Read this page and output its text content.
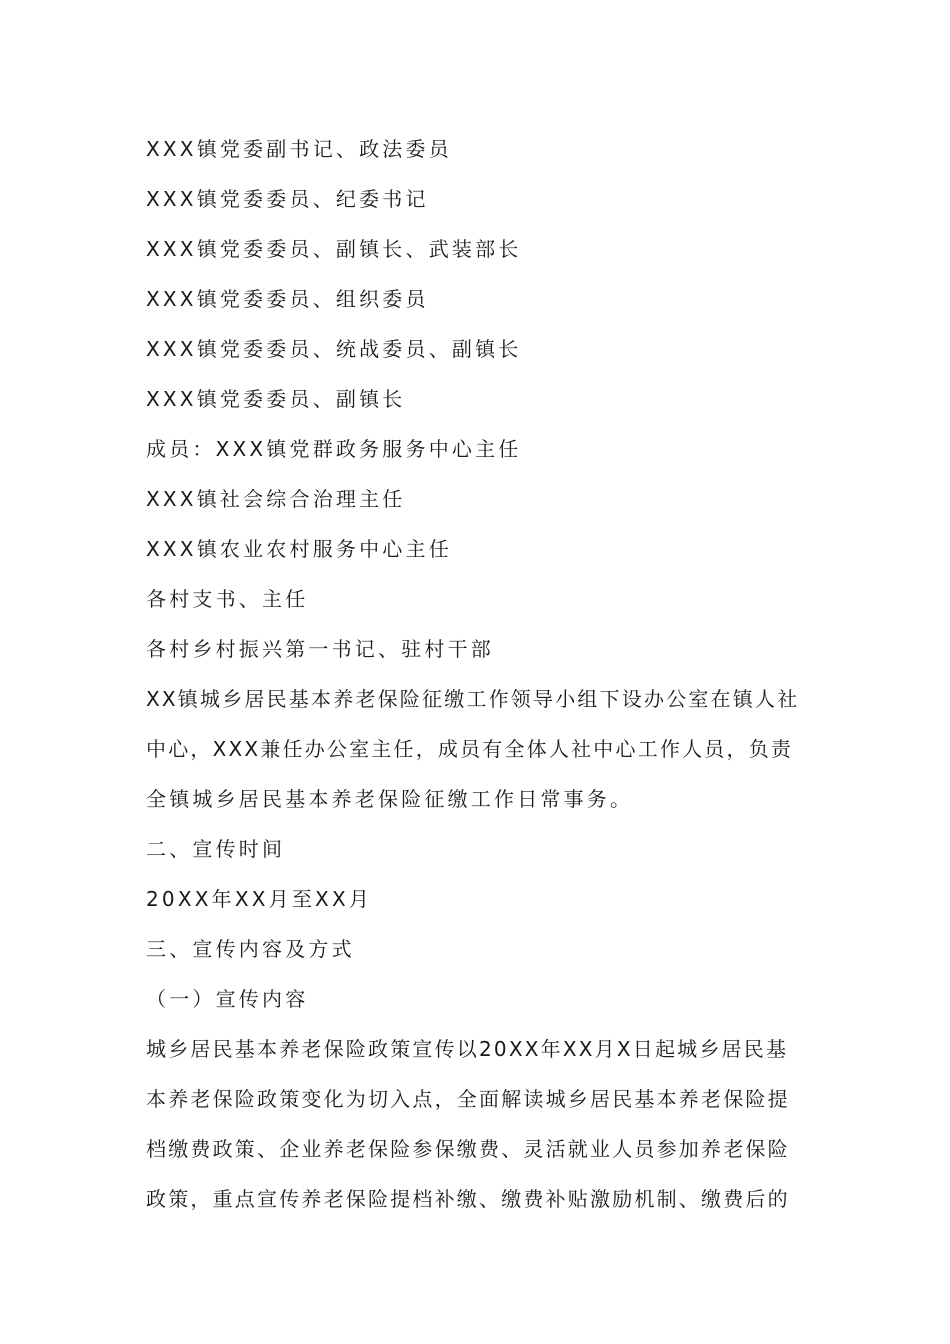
XXX镇党委副书记、政法委员

XXX镇党委委员、纪委书记

XXX镇党委委员、副镇长、武装部长

XXX镇党委委员、组织委员

XXX镇党委委员、统战委员、副镇长

XXX镇党委委员、副镇长

成员：XXX镇党群政务服务中心主任

XXX镇社会综合治理主任

XXX镇农业农村服务中心主任

各村支书、主任

各村乡村振兴第一书记、驻村干部

XX镇城乡居民基本养老保险征缴工作领导小组下设办公室在镇人社

中心，XXX兼任办公室主任，成员有全体人社中心工作人员，负责

全镇城乡居民基本养老保险征缴工作日常事务。

二、宣传时间

20XX年XX月至XX月

三、宣传内容及方式

（一）宣传内容

城乡居民基本养老保险政策宣传以20XX年XX月X日起城乡居民基

本养老保险政策变化为切入点，全面解读城乡居民基本养老保险提

档缴费政策、企业养老保险参保缴费、灵活就业人员参加养老保险

政策，重点宣传养老保险提档补缴、缴费补贴激励机制、缴费后的
